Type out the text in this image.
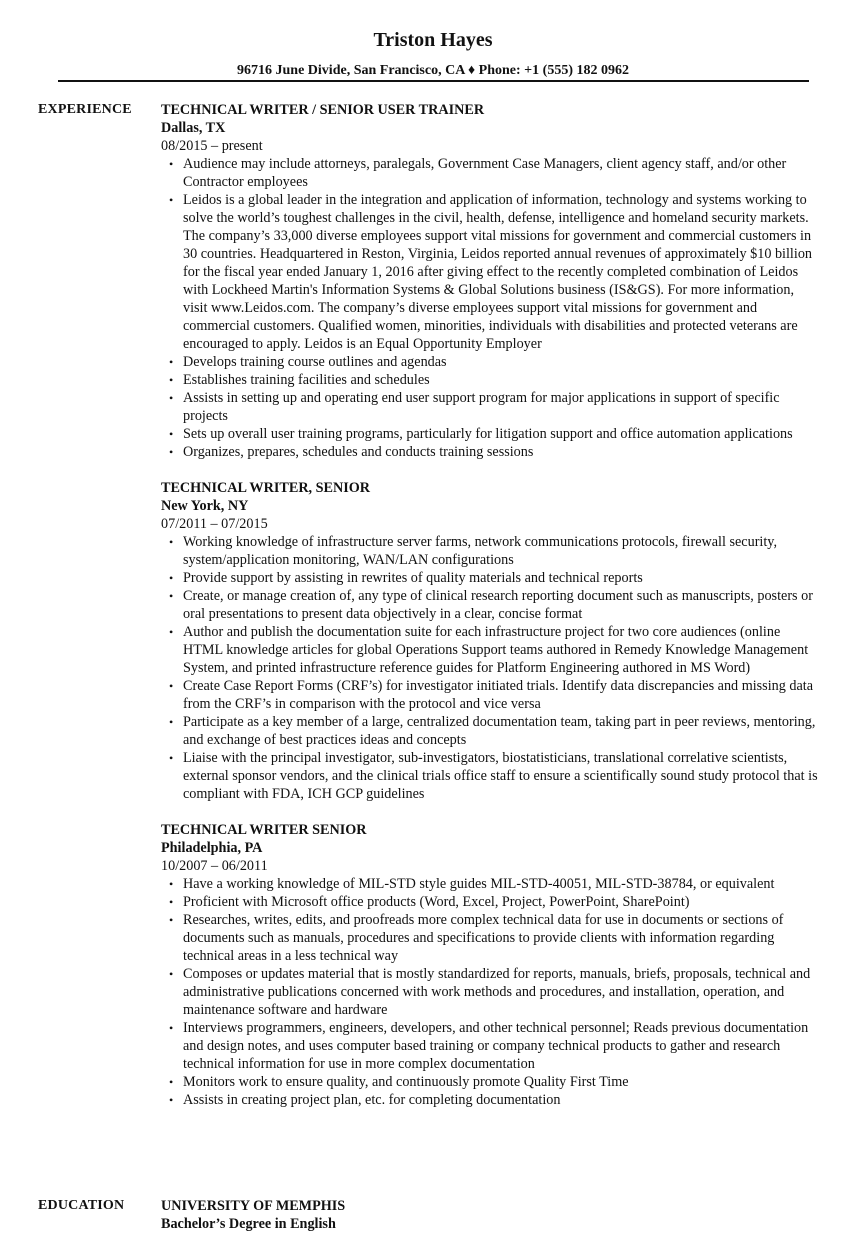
Triston Hayes
96716 June Divide, San Francisco, CA ♦ Phone: +1 (555) 182 0962
EXPERIENCE TECHNICAL WRITER / SENIOR USER TRAINER
Dallas, TX
08/2015 – present
• Audience may include attorneys, paralegals, Government Case Managers, client agency staff, and/or other Contractor employees
• Leidos is a global leader in the integration and application of information, technology and systems working to solve the world’s toughest challenges in the civil, health, defense, intelligence and homeland security markets. The company’s 33,000 diverse employees support vital missions for government and commercial customers in 30 countries. Headquartered in Reston, Virginia, Leidos reported annual revenues of approximately $10 billion for the fiscal year ended January 1, 2016 after giving effect to the recently completed combination of Leidos with Lockheed Martin's Information Systems & Global Solutions business (IS&GS). For more information, visit www.Leidos.com. The company’s diverse employees support vital missions for government and commercial customers. Qualified women, minorities, individuals with disabilities and protected veterans are encouraged to apply. Leidos is an Equal Opportunity Employer
• Develops training course outlines and agendas
• Establishes training facilities and schedules
• Assists in setting up and operating end user support program for major applications in support of specific projects
• Sets up overall user training programs, particularly for litigation support and office automation applications
• Organizes, prepares, schedules and conducts training sessions
TECHNICAL WRITER, SENIOR
New York, NY
07/2011 – 07/2015
• Working knowledge of infrastructure server farms, network communications protocols, firewall security, system/application monitoring, WAN/LAN configurations
• Provide support by assisting in rewrites of quality materials and technical reports
• Create, or manage creation of, any type of clinical research reporting document such as manuscripts, posters or oral presentations to present data objectively in a clear, concise format
• Author and publish the documentation suite for each infrastructure project for two core audiences (online HTML knowledge articles for global Operations Support teams authored in Remedy Knowledge Management System, and printed infrastructure reference guides for Platform Engineering authored in MS Word)
• Create Case Report Forms (CRF’s) for investigator initiated trials. Identify data discrepancies and missing data from the CRF’s in comparison with the protocol and vice versa
• Participate as a key member of a large, centralized documentation team, taking part in peer reviews, mentoring, and exchange of best practices ideas and concepts
• Liaise with the principal investigator, sub-investigators, biostatisticians, translational correlative scientists, external sponsor vendors, and the clinical trials office staff to ensure a scientifically sound study protocol that is compliant with FDA, ICH GCP guidelines
TECHNICAL WRITER SENIOR
Philadelphia, PA
10/2007 – 06/2011
• Have a working knowledge of MIL-STD style guides MIL-STD-40051, MIL-STD-38784, or equivalent
• Proficient with Microsoft office products (Word, Excel, Project, PowerPoint, SharePoint)
• Researches, writes, edits, and proofreads more complex technical data for use in documents or sections of documents such as manuals, procedures and specifications to provide clients with information regarding technical areas in a less technical way
• Composes or updates material that is mostly standardized for reports, manuals, briefs, proposals, technical and administrative publications concerned with work methods and procedures, and installation, operation, and maintenance software and hardware
• Interviews programmers, engineers, developers, and other technical personnel; Reads previous documentation and design notes, and uses computer based training or company technical products to gather and research technical information for use in more complex documentation
• Monitors work to ensure quality, and continuously promote Quality First Time
• Assists in creating project plan, etc. for completing documentation
EDUCATION	UNIVERSITY OF MEMPHIS
Bachelor’s Degree in English
